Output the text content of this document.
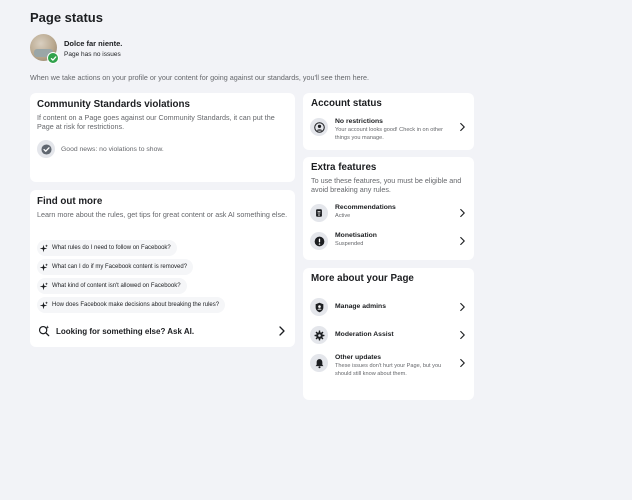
Page status
Dolce far niente.
Page has no issues
When we take actions on your profile or your content for going against our standards, you'll see them here.
Community Standards violations
If content on a Page goes against our Community Standards, it can put the Page at risk for restrictions.
Good news: no violations to show.
Find out more
Learn more about the rules, get tips for great content or ask AI something else.
What rules do I need to follow on Facebook?
What can I do if my Facebook content is removed?
What kind of content isn't allowed on Facebook?
How does Facebook make decisions about breaking the rules?
Looking for something else? Ask AI.
Account status
No restrictions
Your account looks good! Check in on other things you manage.
Extra features
To use these features, you must be eligible and avoid breaking any rules.
Recommendations
Active
Monetisation
Suspended
More about your Page
Manage admins
Moderation Assist
Other updates
These issues don't hurt your Page, but you should still know about them.
